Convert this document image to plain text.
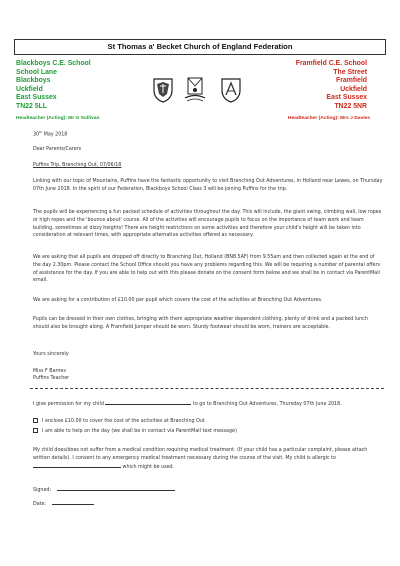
St Thomas a' Becket Church of England Federation
Blackboys C.E. School
School Lane
Blackboys
Uckfield
East Sussex
TN22 5LL
Framfield C.E. School
The Street
Framfield
Uckfield
East Sussex
TN22 5NR
Headteacher (Acting): Mr G Sullivan	Headteacher (Acting): Mrs J Davies
30th May 2018
Dear Parents/Carers
Puffins Trip, Branching Out, 07/06/18
Linking with our topic of Mountains, Puffins have the fantastic opportunity to visit Branching Out Adventures, in Holland near Lewes, on Thursday 07th June 2018. In the spirit of our Federation, Blackboys School Class 3 will be joining Puffins for the trip.
The pupils will be experiencing a fun packed schedule of activities throughout the day. This will include, the giant swing, climbing wall, low ropes or high ropes and the 'bounce about' course. All of the activities will encourage pupils to focus on the importance of team work and team building, sometimes at dizzy heights! There are height restrictions on some activities and therefore your child's height will be taken into consideration at relevant times, with appropriate alternative activities offered as necessary.
We are asking that all pupils are dropped off directly to Branching Out, Holland (BN8 5AF) from 9.55am and then collected again at the end of the day 2.30pm. Please contact the School Office should you have any problems regarding this. We will be requiring a number of parental offers of assistance for the day. If you are able to help out with this please donate on the consent form below and we shall be in contact via ParentMail email.
We are asking for a contribution of £10.00 per pupil which covers the cost of the activities at Branching Out Adventures.
Pupils can be dressed in their own clothes, bringing with them appropriate weather dependent clothing, plenty of drink and a packed lunch should also be brought along. A Framfield Jumper should be worn. Sturdy footwear should be worn, trainers are acceptable.
Yours sincerely
Miss F Barnes
Puffins Teacher
I give permission for my child	to go to Branching Out Adventures, Thursday 07th June 2018.
I enclose £10.00 to cover the cost of the activities at Branching Out
I am able to help on the day (we shall be in contact via ParentMail text message)
My child does/does not suffer from a medical condition requiring medical treatment. (If your child has a particular complaint, please attach written details). I consent to any emergency medical treatment necessary during the course of the visit. My child is allergic to  which might be used.
Signed:
Date:
